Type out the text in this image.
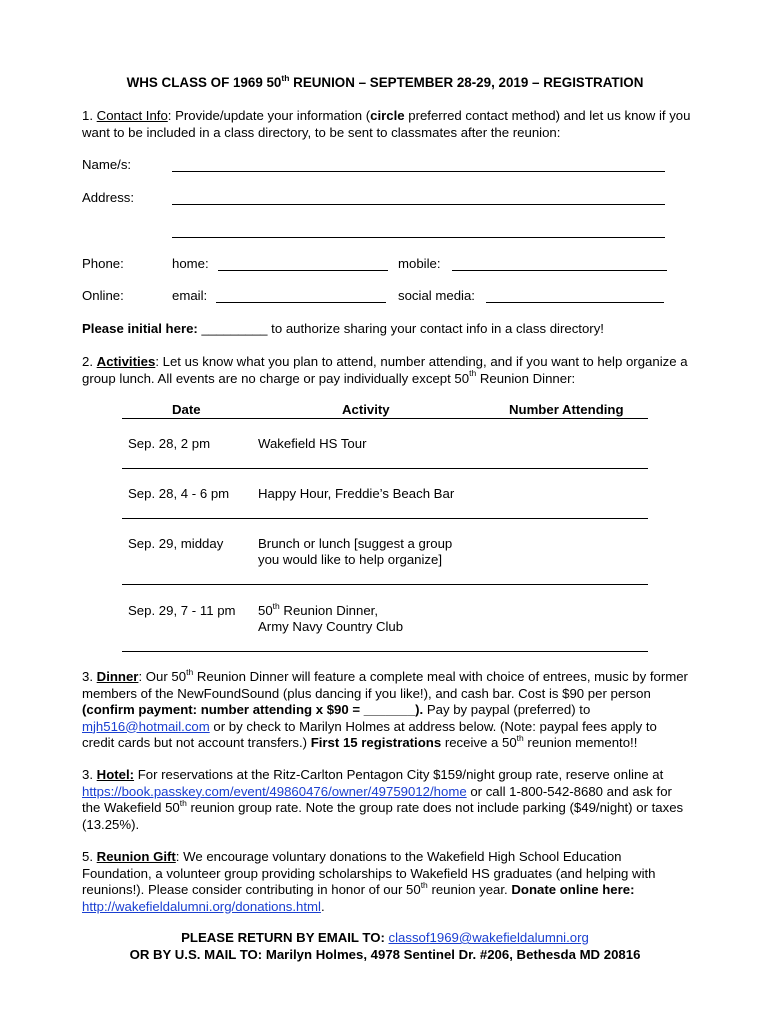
WHS CLASS OF 1969 50th REUNION – SEPTEMBER 28-29, 2019 – REGISTRATION
1. Contact Info: Provide/update your information (circle preferred contact method) and let us know if you want to be included in a class directory, to be sent to classmates after the reunion:
Name/s:
Address:
Phone:	home:	mobile:
Online:	email:	social media:
Please initial here: _________ to authorize sharing your contact info in a class directory!
2. Activities: Let us know what you plan to attend, number attending, and if you want to help organize a group lunch. All events are no charge or pay individually except 50th Reunion Dinner:
Date	Activity	Number Attending
Sep. 28, 2 pm	Wakefield HS Tour
Sep. 28, 4 - 6 pm Happy Hour, Freddie’s Beach Bar
Sep. 29, midday	Brunch or lunch [suggest a group
you would like to help organize]
Sep. 29, 7 - 11 pm 50th Reunion Dinner,
Army Navy Country Club
3. Dinner: Our 50th Reunion Dinner will feature a complete meal with choice of entrees, music by former members of the NewFoundSound (plus dancing if you like!), and cash bar. Cost is $90 per person (confirm payment: number attending x $90 = _______). Pay by paypal (preferred) to mjh516@hotmail.com or by check to Marilyn Holmes at address below. (Note: paypal fees apply to credit cards but not account transfers.) First 15 registrations receive a 50th reunion memento!!
3. Hotel: For reservations at the Ritz-Carlton Pentagon City $159/night group rate, reserve online at https://book.passkey.com/event/49860476/owner/49759012/home or call 1-800-542-8680 and ask for the Wakefield 50th reunion group rate. Note the group rate does not include parking ($49/night) or taxes (13.25%).
5. Reunion Gift: We encourage voluntary donations to the Wakefield High School Education Foundation, a volunteer group providing scholarships to Wakefield HS graduates (and helping with reunions!). Please consider contributing in honor of our 50th reunion year. Donate online here:
http://wakefieldalumni.org/donations.html.
PLEASE RETURN BY EMAIL TO: classof1969@wakefieldalumni.org
OR BY U.S. MAIL TO: Marilyn Holmes, 4978 Sentinel Dr. #206, Bethesda MD 20816
